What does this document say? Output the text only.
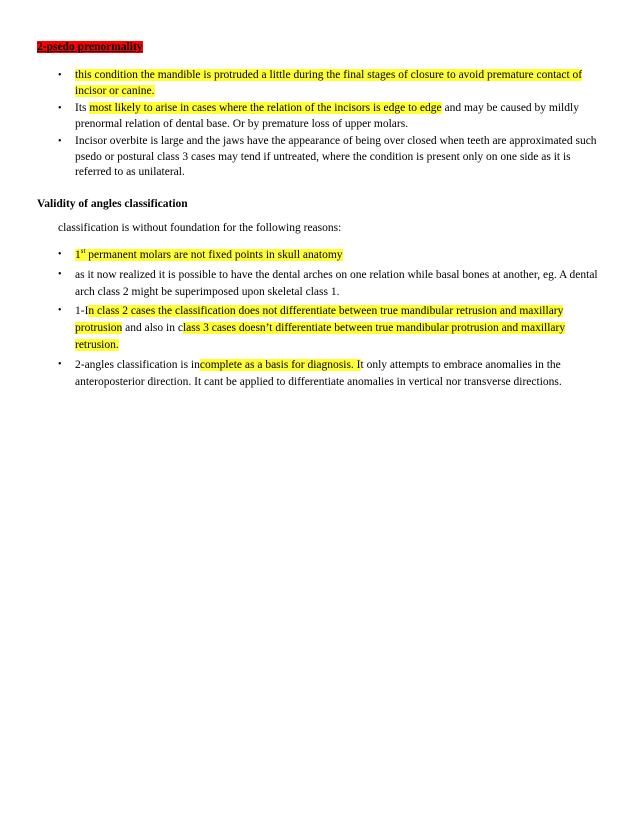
2-psedo prenormality
• this condition the mandible is protruded a little during the final stages of closure to avoid premature contact of incisor or canine.
• Its most likely to arise in cases where the relation of the incisors is edge to edge and may be caused by mildly prenormal relation of dental base. Or by premature loss of upper molars.
• Incisor overbite is large and the jaws have the appearance of being over closed when teeth are approximated such psedo or postural class 3 cases may tend if untreated, where the condition is present only on one side as it is referred to as unilateral.
Validity of angles classification
classification is without foundation for the following reasons:
• 1st permanent molars are not fixed points in skull anatomy
• as it now realized it is possible to have the dental arches on one relation while basal bones at another, eg. A dental arch class 2 might be superimposed upon skeletal class 1.
• 1-In class 2 cases the classification does not differentiate between true mandibular retrusion and maxillary protrusion and also in class 3 cases doesn’t differentiate between true mandibular protrusion and maxillary retrusion.
• 2-angles classification is incomplete as a basis for diagnosis. It only attempts to embrace anomalies in the anteroposterior direction. It cant be applied to differentiate anomalies in vertical nor transverse directions.
